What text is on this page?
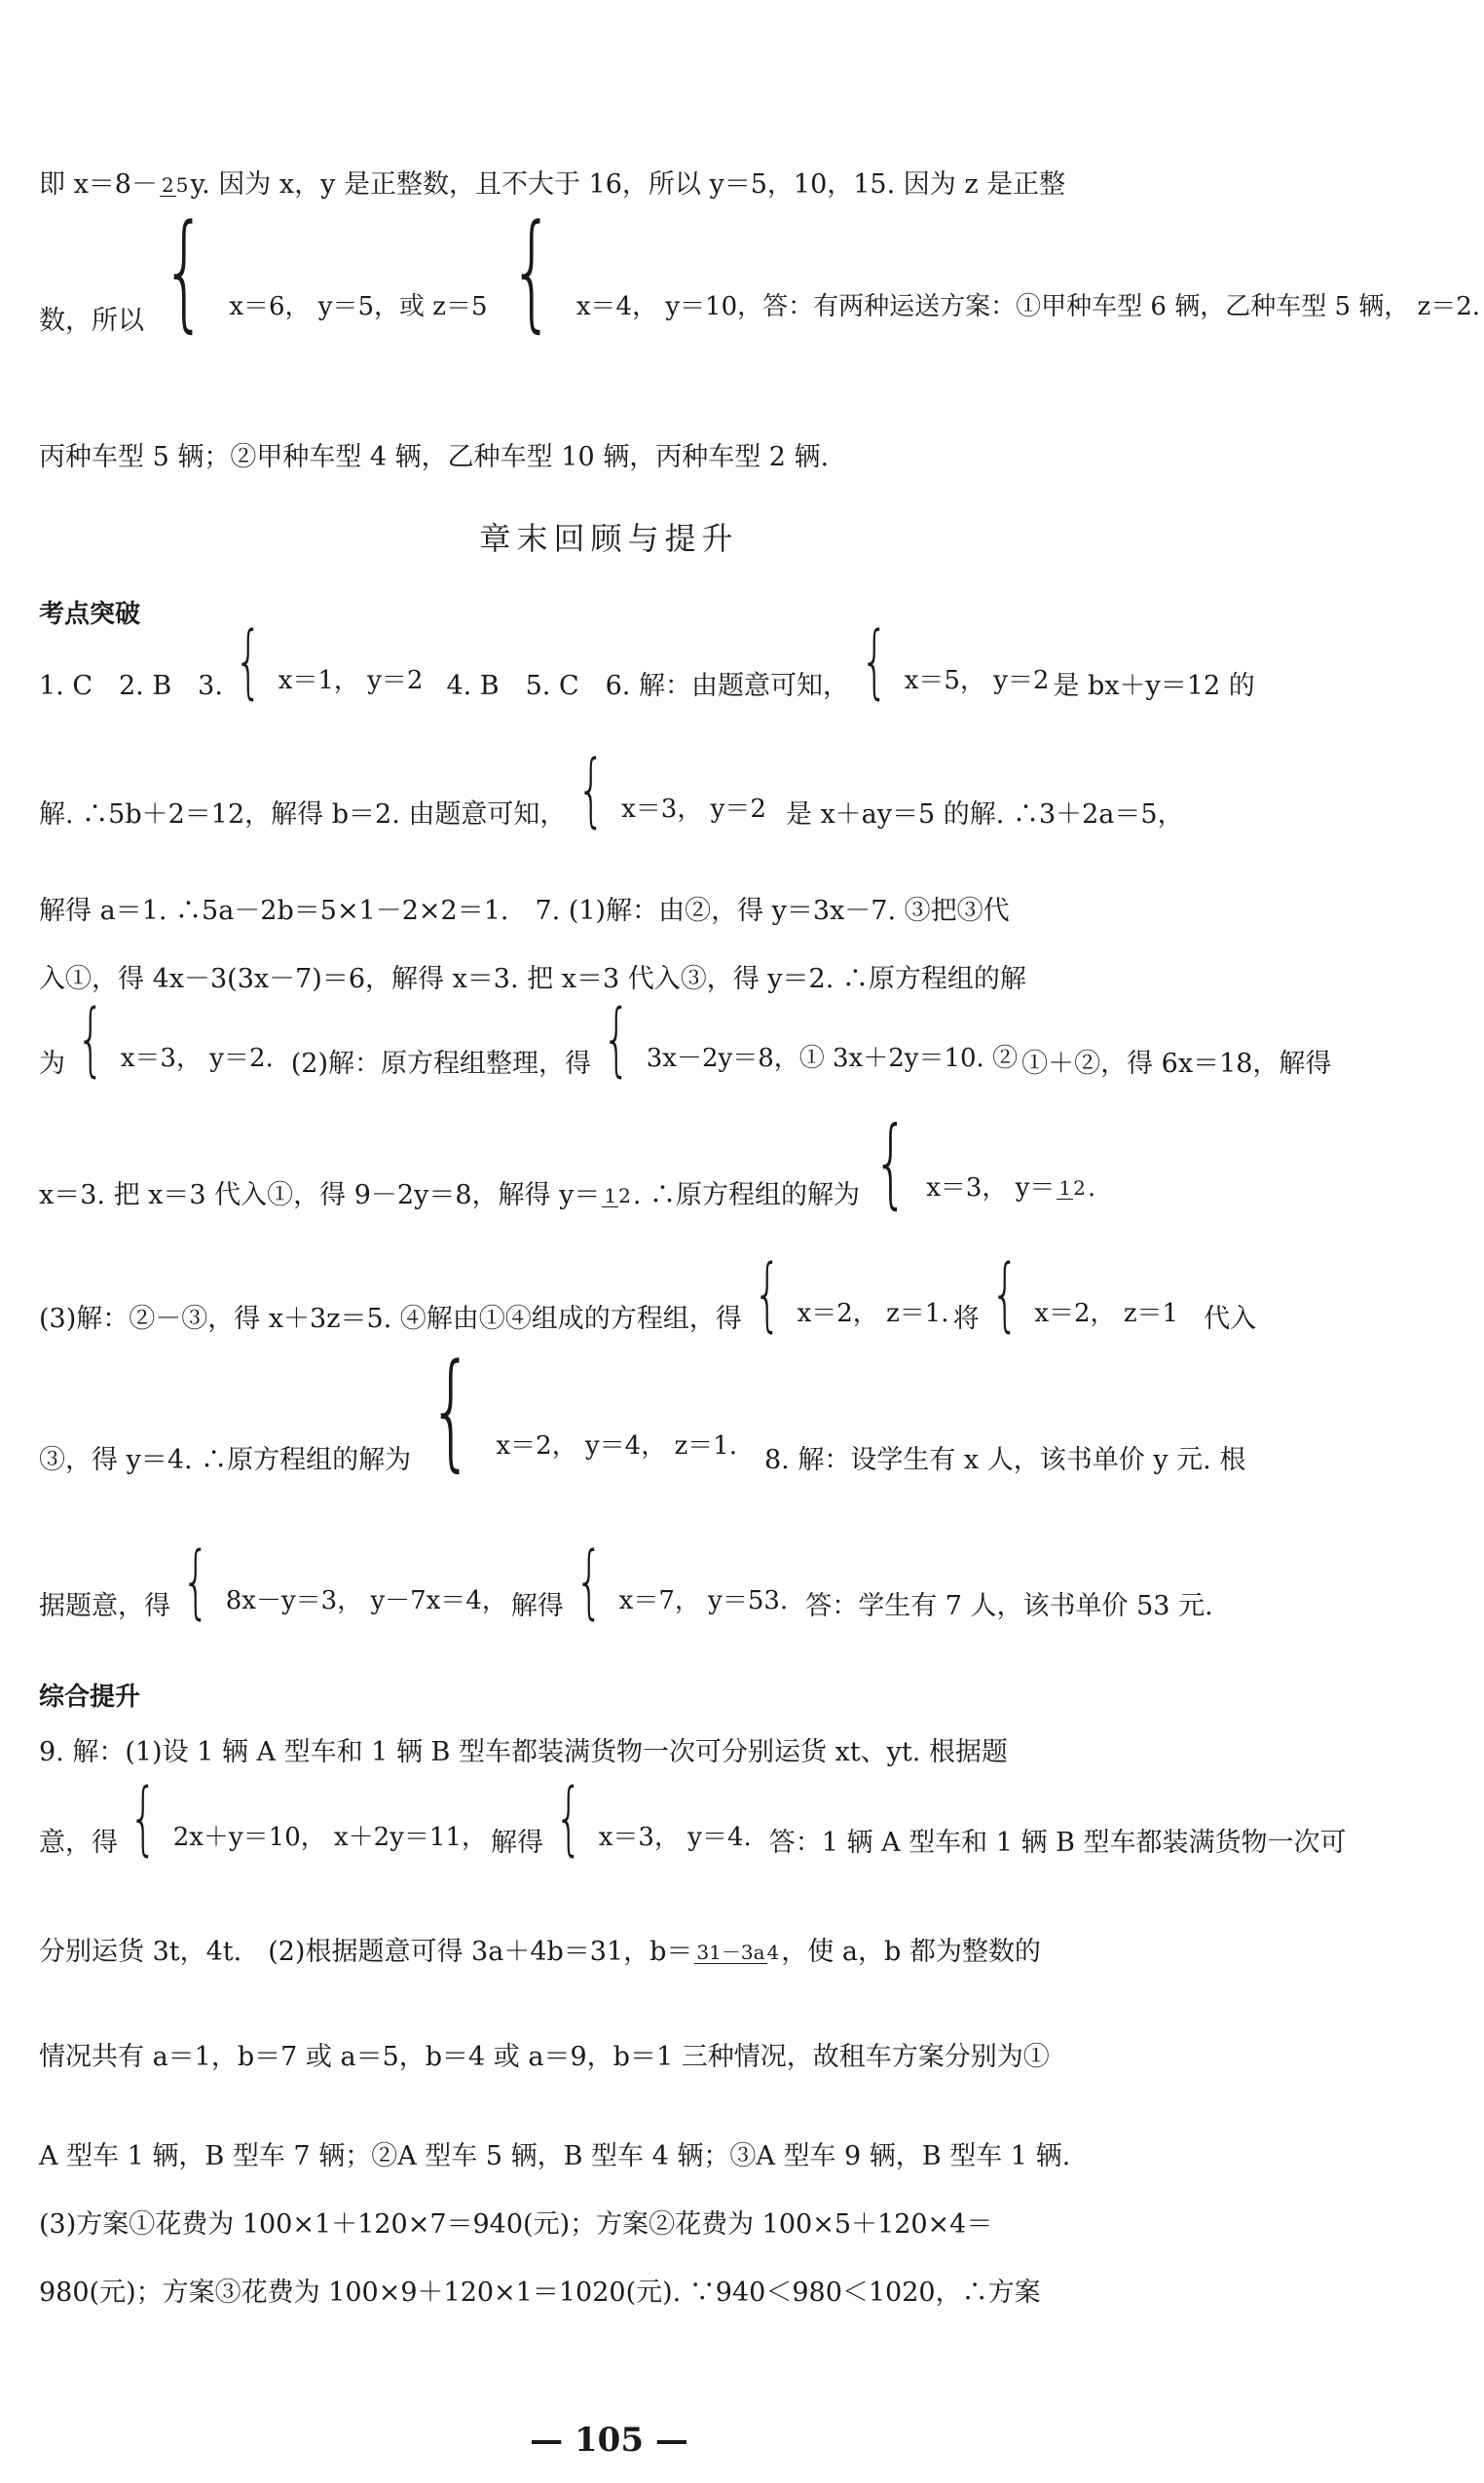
即 x＝8－ 2 5y. 因为 x，y 是正整数，且不大于 16，所以 y＝5，10，15. 因为 z 是正整
数，所以 { x＝6， y＝5，或 z＝5 { x＝4， y＝10，答：有两种运送方案：①甲种车型 6 辆，乙种车型 5 辆， z＝2.
丙种车型 5 辆；②甲种车型 4 辆，乙种车型 10 辆，丙种车型 2 辆.
章末回顾与提升
考点突破
1. C　2. B　3. { x＝1， y＝2 4. B　5. C　6. 解：由题意可知， { x＝5， y＝2 是 bx＋y＝12 的
解. ∴5b＋2＝12，解得 b＝2. 由题意可知， { x＝3， y＝2 是 x＋ay＝5 的解. ∴3＋2a＝5，
解得 a＝1. ∴5a－2b＝5×1－2×2＝1.　7. (1)解：由②，得 y＝3x－7. ③把③代
入①，得 4x－3(3x－7)＝6，解得 x＝3. 把 x＝3 代入③，得 y＝2. ∴原方程组的解
为 { x＝3， y＝2. (2)解：原方程组整理，得 { 3x－2y＝8，① 3x＋2y＝10. ② ①＋②，得 6x＝18，解得
x＝3. 把 x＝3 代入①，得 9－2y＝8，解得 y＝ 1 2 . ∴原方程组的解为 { x＝3， y＝ 1 2.
(3)解：②－③，得 x＋3z＝5. ④解由①④组成的方程组，得 { x＝2， z＝1. 将 { x＝2， z＝1 代入
③，得 y＝4. ∴原方程组的解为 { x＝2， y＝4， z＝1. 8. 解：设学生有 x 人，该书单价 y 元. 根
据题意，得 { 8x－y＝3， y－7x＝4， 解得 { x＝7， y＝53. 答：学生有 7 人，该书单价 53 元.
综合提升
9. 解：(1)设 1 辆 A 型车和 1 辆 B 型车都装满货物一次可分别运货 xt、yt. 根据题
意，得 { 2x＋y＝10， x＋2y＝11， 解得 { x＝3， y＝4. 答：1 辆 A 型车和 1 辆 B 型车都装满货物一次可
分别运货 3t，4t.　(2)根据题意可得 3a＋4b＝31，b＝ 31－3a 4 ，使 a，b 都为整数的
情况共有 a＝1，b＝7 或 a＝5，b＝4 或 a＝9，b＝1 三种情况，故租车方案分别为①
A 型车 1 辆，B 型车 7 辆；②A 型车 5 辆，B 型车 4 辆；③A 型车 9 辆，B 型车 1 辆.
(3)方案①花费为 100×1＋120×7＝940(元)；方案②花费为 100×5＋120×4＝
980(元)；方案③花费为 100×9＋120×1＝1020(元). ∵940＜980＜1020，∴方案
— 105 —
